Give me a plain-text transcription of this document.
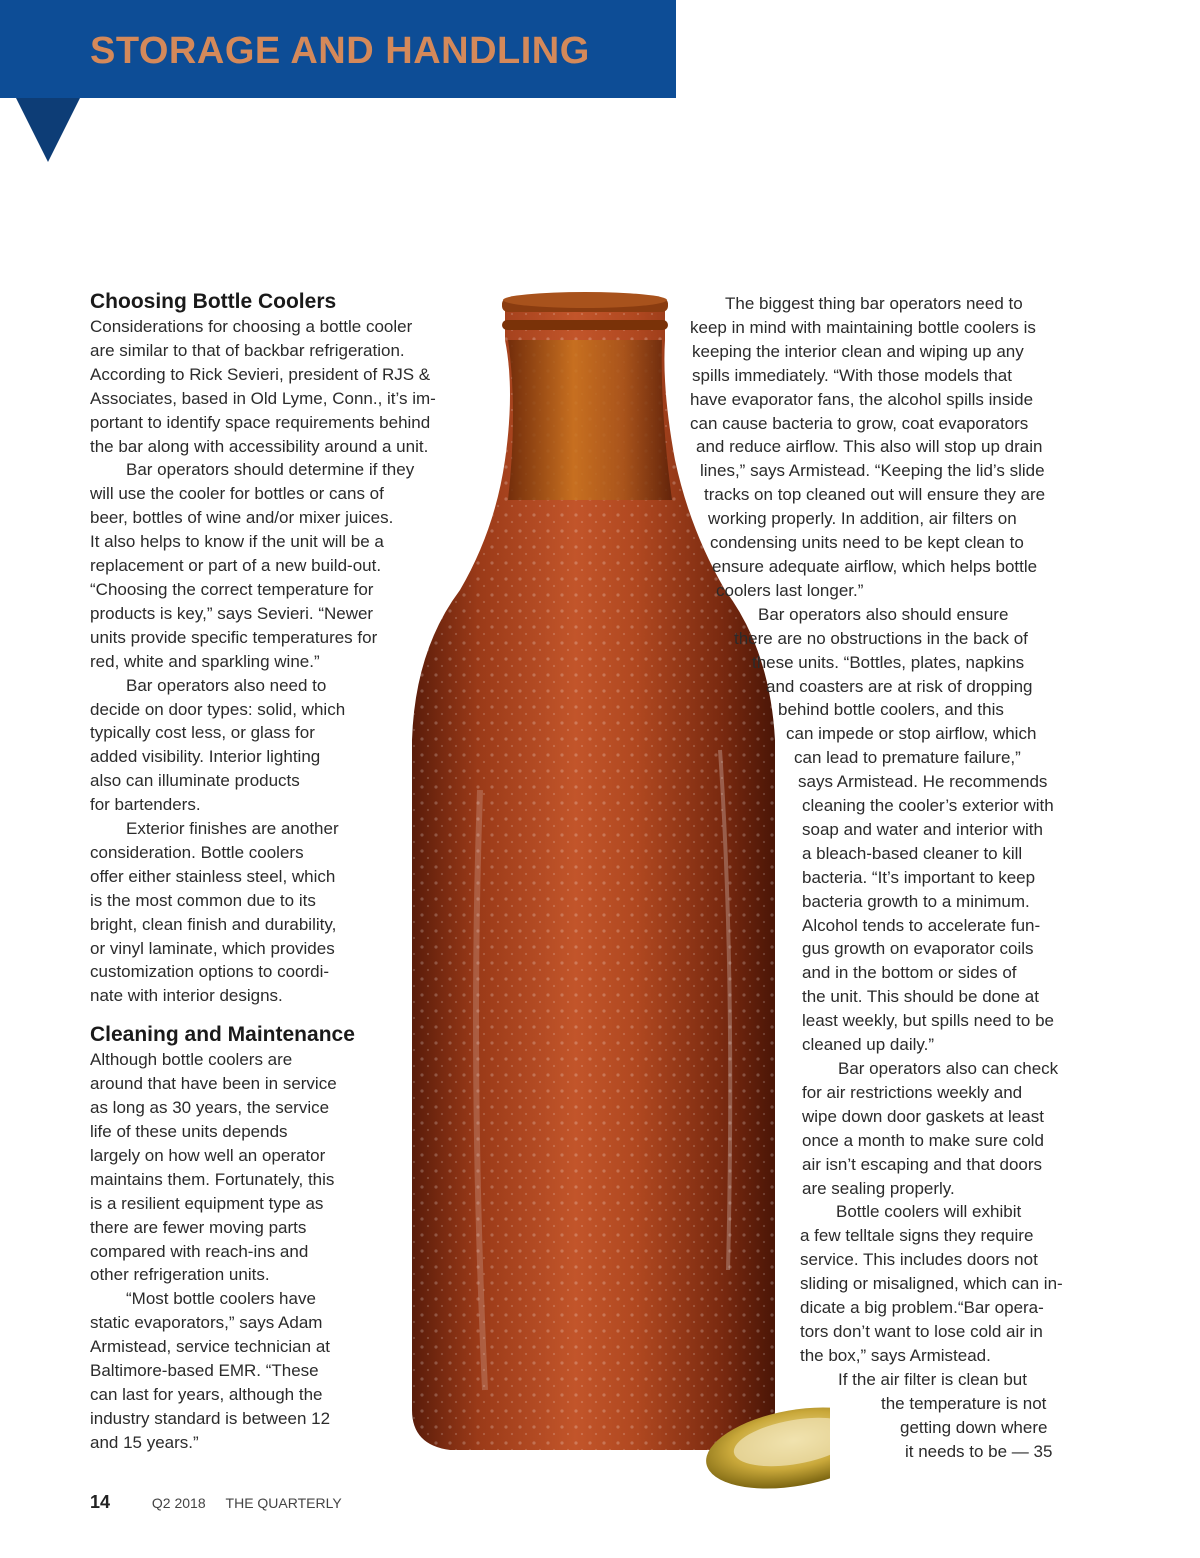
STORAGE AND HANDLING
Choosing Bottle Coolers
Considerations for choosing a bottle cooler
are similar to that of backbar refrigeration.
According to Rick Sevieri, president of RJS &
Associates, based in Old Lyme, Conn., it’s im-
portant to identify space requirements behind
the bar along with accessibility around a unit.
Bar operators should determine if they
will use the cooler for bottles or cans of
beer, bottles of wine and/or mixer juices.
It also helps to know if the unit will be a
replacement or part of a new build-out.
“Choosing the correct temperature for
products is key,” says Sevieri. “Newer
units provide specific temperatures for
red, white and sparkling wine.”
Bar operators also need to
decide on door types: solid, which
typically cost less, or glass for
added visibility. Interior lighting
also can illuminate products
for bartenders.
Exterior finishes are another
consideration. Bottle coolers
offer either stainless steel, which
is the most common due to its
bright, clean finish and durability,
or vinyl laminate, which provides
customization options to coordi-
nate with interior designs.
Cleaning and Maintenance
Although bottle coolers are
around that have been in service
as long as 30 years, the service
life of these units depends
largely on how well an operator
maintains them. Fortunately, this
is a resilient equipment type as
there are fewer moving parts
compared with reach-ins and
other refrigeration units.
“Most bottle coolers have
static evaporators,” says Adam
Armistead, service technician at
Baltimore-based EMR. “These
can last for years, although the
industry standard is between 12
and 15 years.”
The biggest thing bar operators need to
keep in mind with maintaining bottle coolers is
keeping the interior clean and wiping up any
spills immediately. “With those models that
have evaporator fans, the alcohol spills inside
can cause bacteria to grow, coat evaporators
and reduce airflow. This also will stop up drain
lines,” says Armistead. “Keeping the lid’s slide
tracks on top cleaned out will ensure they are
working properly. In addition, air filters on
condensing units need to be kept clean to
ensure adequate airflow, which helps bottle
coolers last longer.”
Bar operators also should ensure
there are no obstructions in the back of
these units. “Bottles, plates, napkins
and coasters are at risk of dropping
behind bottle coolers, and this
can impede or stop airflow, which
can lead to premature failure,”
says Armistead. He recommends
cleaning the cooler’s exterior with
soap and water and interior with
a bleach-based cleaner to kill
bacteria. “It’s important to keep
bacteria growth to a minimum.
Alcohol tends to accelerate fun-
gus growth on evaporator coils
and in the bottom or sides of
the unit. This should be done at
least weekly, but spills need to be
cleaned up daily.”
Bar operators also can check
for air restrictions weekly and
wipe down door gaskets at least
once a month to make sure cold
air isn’t escaping and that doors
are sealing properly.
Bottle coolers will exhibit
a few telltale signs they require
service. This includes doors not
sliding or misaligned, which can in-
dicate a big problem.“Bar opera-
tors don’t want to lose cold air in
the box,” says Armistead.
If the air filter is clean but
the temperature is not
getting down where
it needs to be — 35
14	Q2 2018 THE QUARTERLY
